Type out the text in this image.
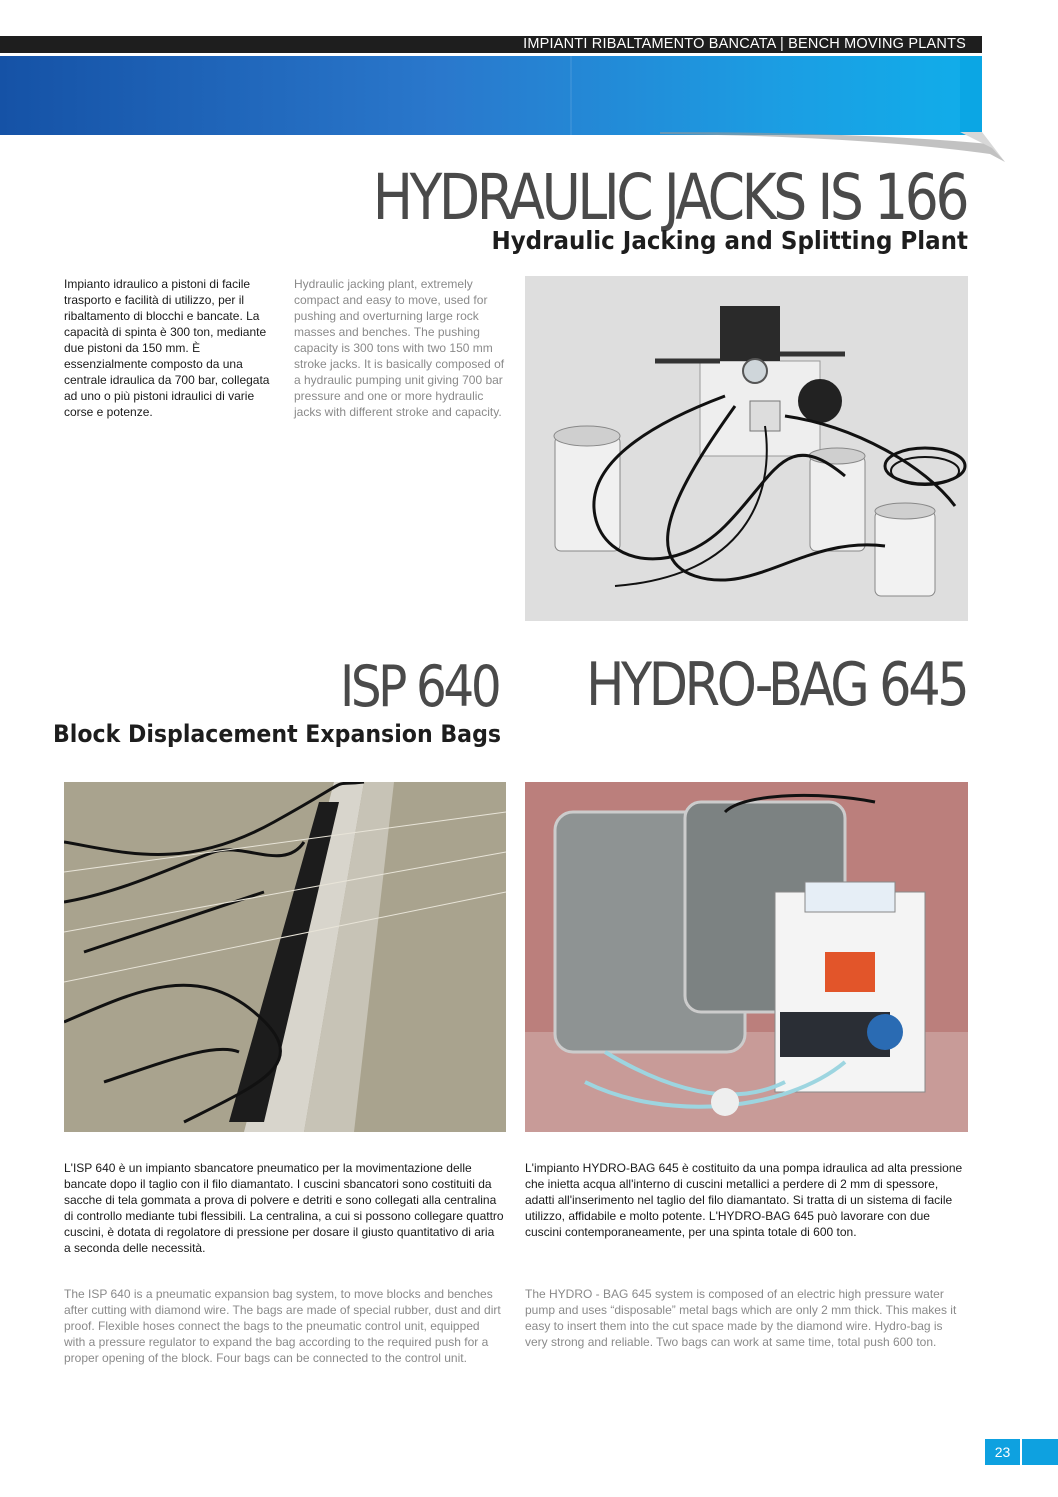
IMPIANTI RIBALTAMENTO BANCATA | BENCH MOVING PLANTS
HYDRAULIC JACKS IS 166
Hydraulic Jacking and Splitting Plant

Impianto idraulico a pistoni di facile trasporto e facilità di utilizzo, per il ribaltamento di blocchi e bancate. La capacità di spinta è 300 ton, mediante due pistoni da 150 mm. È essenzialmente composto da una centrale idraulica da 700 bar, collegata ad uno o più pistoni idraulici di varie corse e potenze.

Hydraulic jacking plant, extremely compact and easy to move, used for pushing and overturning large rock masses and benches. The pushing capacity is 300 tons with two 150 mm stroke jacks. It is basically composed of a hydraulic pumping unit giving 700 bar pressure and one or more hydraulic jacks with different stroke and capacity.

ISP 640
Block Displacement Expansion Bags
HYDRO-BAG 645

L'ISP 640 è un impianto sbancatore pneumatico per la movimentazione delle bancate dopo il taglio con il filo diamantato. I cuscini sbancatori sono costituiti da sacche di tela gommata a prova di polvere e detriti e sono collegati alla centralina di controllo mediante tubi flessibili. La centralina, a cui si possono collegare quattro cuscini, è dotata di regolatore di pressione per dosare il giusto quantitativo di aria a seconda delle necessità.

The ISP 640 is a pneumatic expansion bag system, to move blocks and benches after cutting with diamond wire. The bags are made of special rubber, dust and dirt proof. Flexible hoses connect the bags to the pneumatic control unit, equipped with a pressure regulator to expand the bag according to the required push for a proper opening of the block. Four bags can be connected to the control unit.

L'impianto HYDRO-BAG 645 è costituito da una pompa idraulica ad alta pressione che inietta acqua all'interno di cuscini metallici a perdere di 2 mm di spessore, adatti all'inserimento nel taglio del filo diamantato. Si tratta di un sistema di facile utilizzo, affidabile e molto potente. L'HYDRO-BAG 645 può lavorare con due cuscini contemporaneamente, per una spinta totale di 600 ton.

The HYDRO - BAG 645 system is composed of an electric high pressure water pump and uses “disposable” metal bags which are only 2 mm thick. This makes it easy to insert them into the cut space made by the diamond wire. Hydro-bag is very strong and reliable. Two bags can work at same time, total push 600 ton.

23
